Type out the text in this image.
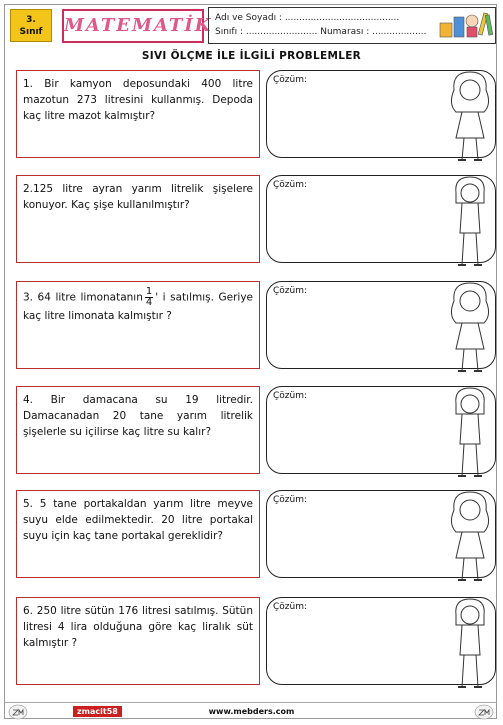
3.
Sınıf	MATEMATİK Adı ve Soyadı : ........................................
Sınıfı : ......................... Numarası : ...................
SIVI ÖLÇME İLE İLGİLİ PROBLEMLER
1. Bir kamyon deposundaki 400 litre mazotun 273 litresini kullanmış. Depoda kaç litre mazot kalmıştır?
Çözüm:
2.125 litre ayran yarım litrelik şişelere konuyor. Kaç şişe kullanılmıştır?
Çözüm:
3. 64 litre limonatanın $\frac{1}{4}$ ' i satılmış. Geriye kaç litre limonata kalmıştır ?
Çözüm:
4. Bir damacana su 19 litredir. Damacanadan 20 tane yarım litrelik şişelerle su içilirse kaç litre su kalır?
Çözüm:
5. 5 tane portakaldan yarım litre meyve suyu elde edilmektedir. 20 litre portakal suyu için kaç tane portakal gereklidir?
Çözüm:
6. 250 litre sütün 176 litresi satılmış. Sütün litresi 4 lira olduğuna göre kaç liralık süt kalmıştır ?
Çözüm:
zmacit58	www.mebders.com
